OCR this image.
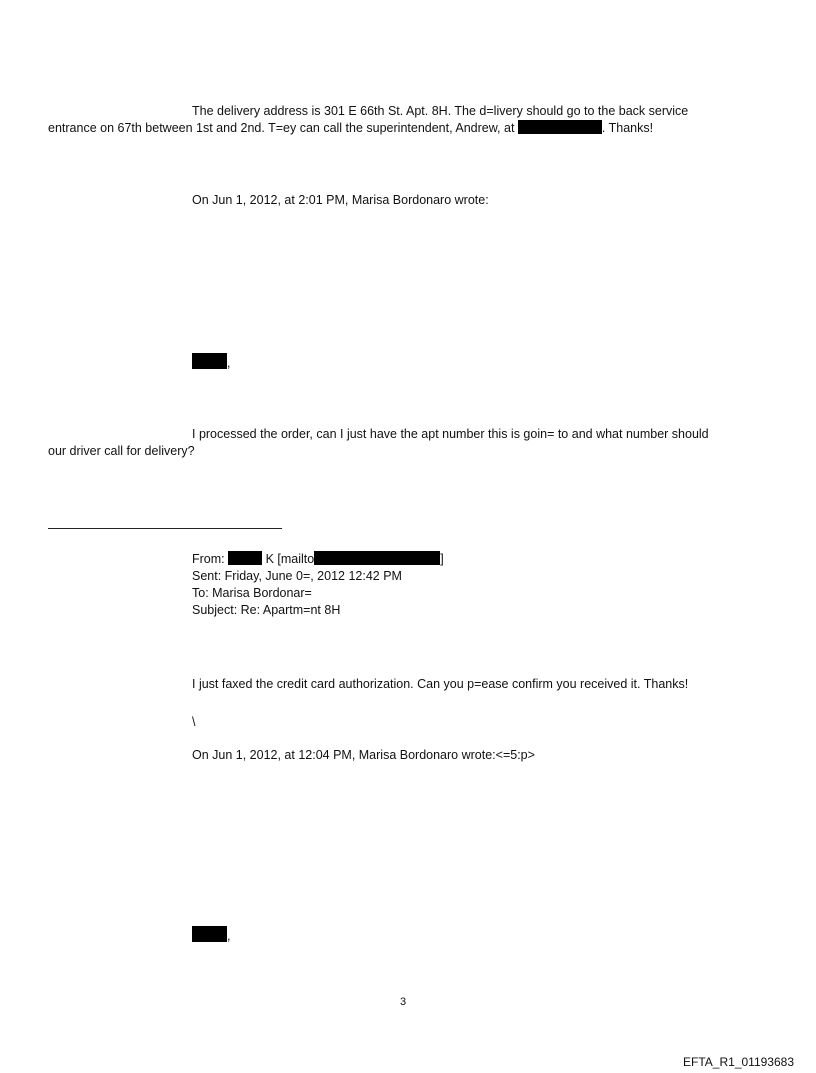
The delivery address is 301 E 66th St. Apt. 8H. The d=livery should go to the back service
entrance on 67th between 1st and 2nd. T=ey can call the superintendent, Andrew, at	. Thanks!
On Jun 1, 2012, at 2:01 PM, Marisa Bordonaro wrote:
,
I processed the order, can I just have the apt number this is goin= to and what number should
our driver call for delivery?
From:	K [mailto	]
Sent: Friday, June 0=, 2012 12:42 PM
To: Marisa Bordonar=
Subject: Re: Apartm=nt 8H
I just faxed the credit card authorization. Can you p=ease confirm you received it. Thanks!
\
On Jun 1, 2012, at 12:04 PM, Marisa Bordonaro wrote:<=5:p>
,
3
EFTA_R1_01193683
